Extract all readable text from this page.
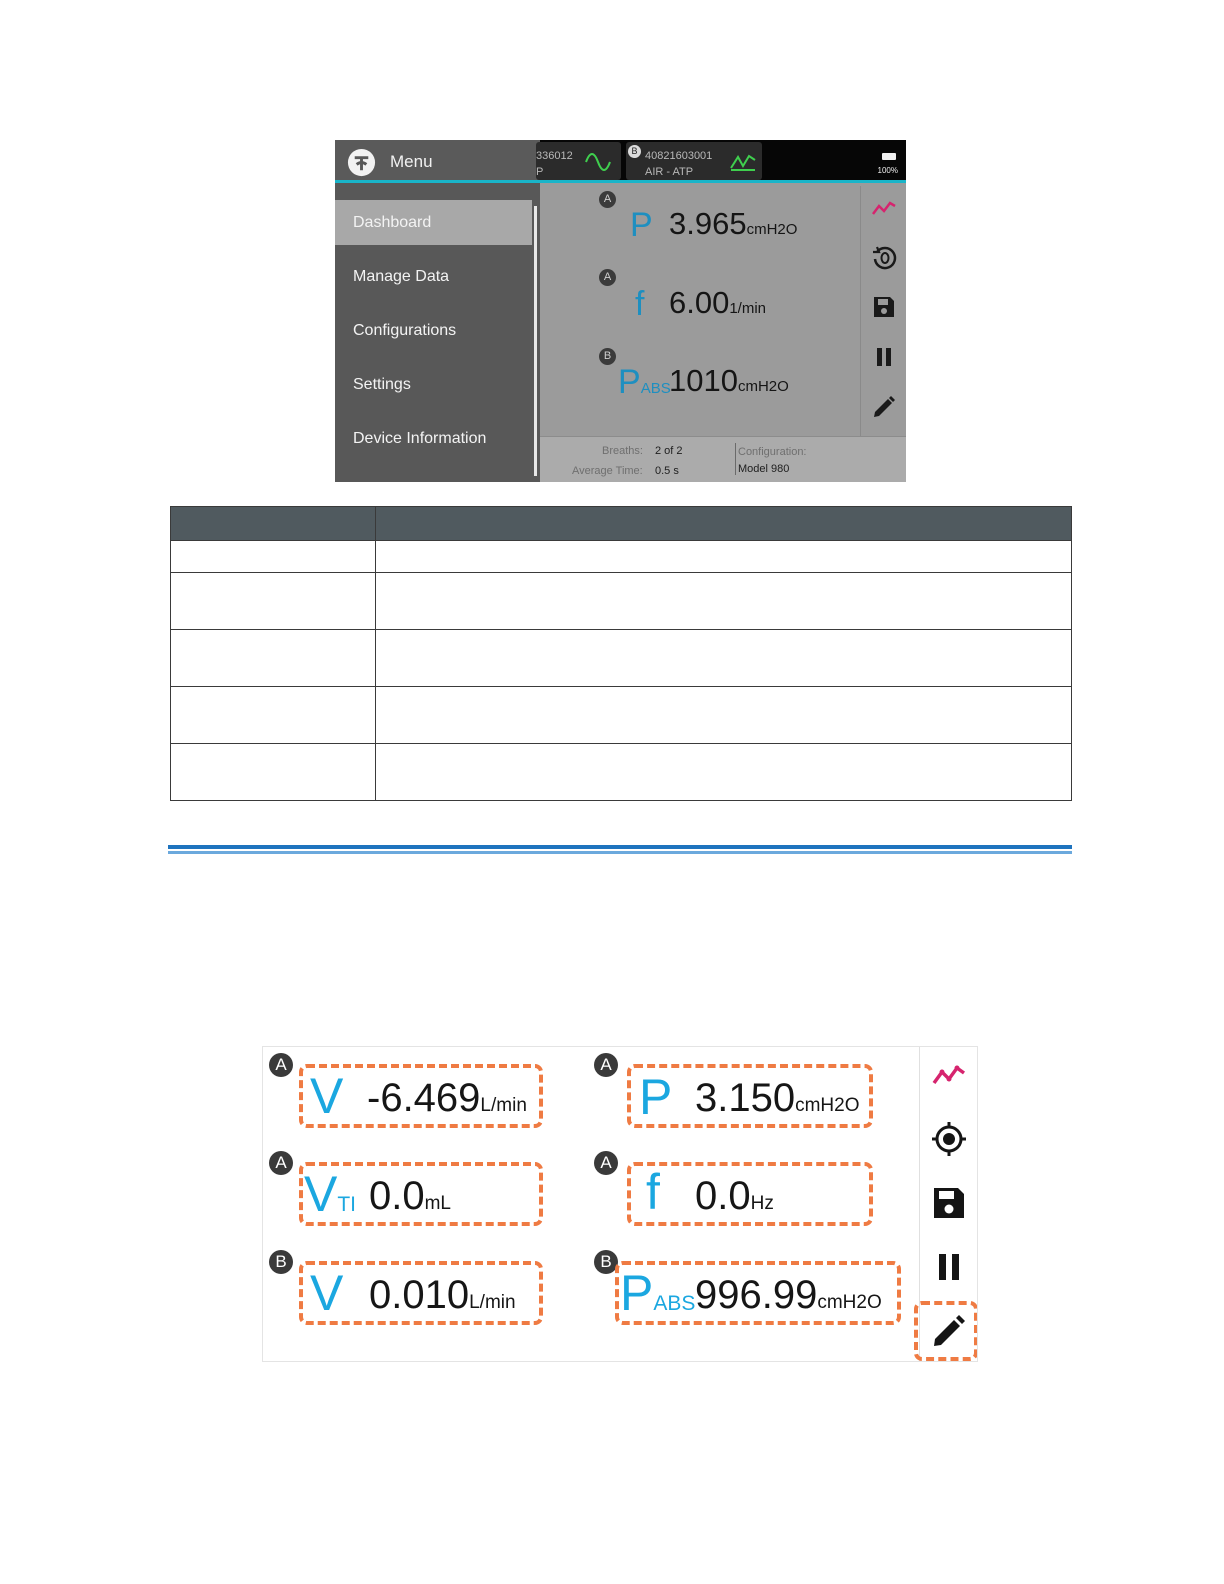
Menu
Dashboard
Manage Data
Configurations
Settings
Device Information
336012
P
B 40821603001
AIR - ATP	100%
A
P 3.965cmH2O
A
f 6.001/min
B
PABS
1010cmH2O
Breaths: 2 of 2
Average Time: 0.5 s
Configuration:
Model 980

A
V -6.469L/min
A
P 3.150cmH2O
A
VTI 0.0mL
A
f 0.0Hz
B
V 0.010L/min
B
PABS 996.99cmH2O
